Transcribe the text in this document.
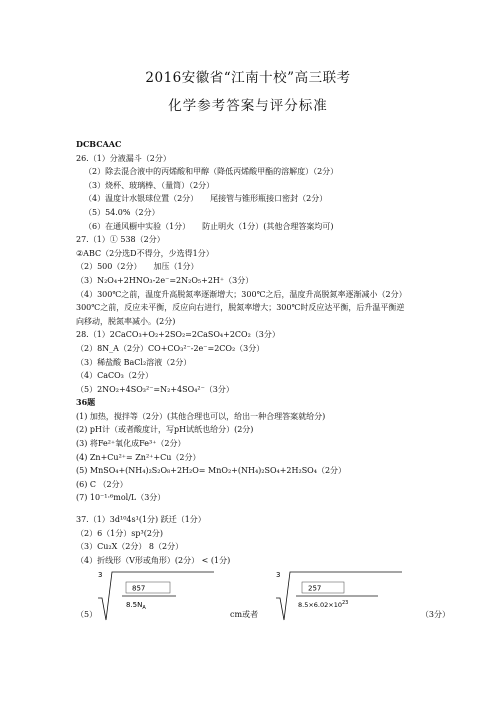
2016安徽省“江南十校”高三联考
化学参考答案与评分标准
DCBCAAC
26.（1）分液漏斗（2分）
（2）除去混合液中的丙烯酸和甲醇（降低丙烯酸甲酯的溶解度）（2分）
（3）烧杯、玻璃棒、（量筒）（2分）
（4）温度计水银球位置（2分）　　尾接管与锥形瓶接口密封（2分）
（5）54.0%（2分）
（6）在通风橱中实验（1分）　　防止明火（1分）(其他合理答案均可)
27.（1）① 538（2分）
②ABC（2分选D不得分，少选得1分）
（2）500（2分）　　加压（1分）
（3）N₂O₄+2HNO₃-2e⁻=2N₂O₅+2H⁺（3分）
（4）300℃之前，温度升高脱氮率逐渐增大；300℃之后，温度升高脱氮率逐渐减小（2分）
300℃之前，反应未平衡，反应向右进行，脱氮率增大；300℃时反应达平衡，后升温平衡逆
向移动，脱氮率减小。(2分)
28.（1）2CaCO₃+O₂+2SO₂=2CaSO₄+2CO₂（3分）
（2）8N_A（2分）CO+CO₃²⁻-2e⁻=2CO₂（3分）
（3）稀盐酸 BaCl₂溶液（2分）
（4）CaCO₃（2分）
（5）2NO₂+4SO₃²⁻=N₂+4SO₄²⁻（3分）
36题
(1) 加热，搅拌等（2分）(其他合理也可以，给出一种合理答案就给分)
(2) pH计（或者酸度计，写pH试纸也给分）(2分)
(3) 将Fe²⁺氧化成Fe³⁺（2分）
(4) Zn+Cu²⁺= Zn²⁺+Cu（2分）
(5) MnSO₄+(NH₄)₂S₂O₈+2H₂O= MnO₂+(NH₄)₂SO₄+2H₂SO₄（2分）
(6) C （2分）
(7) 10⁻¹·⁶mol/L（3分）
37.（1）3d¹⁰4s¹(1分) 跃迁（1分）
（2）6（1分）sp³(2分)
（3）Cu₂X（2分） 8（2分）
（4）折线形（V形或角形）(2分） < (1分)
（5）
3
857
$8.5N_A$
cm或者
3
257
$8.5\times 6.02\times 10^{23}$
（3分）
